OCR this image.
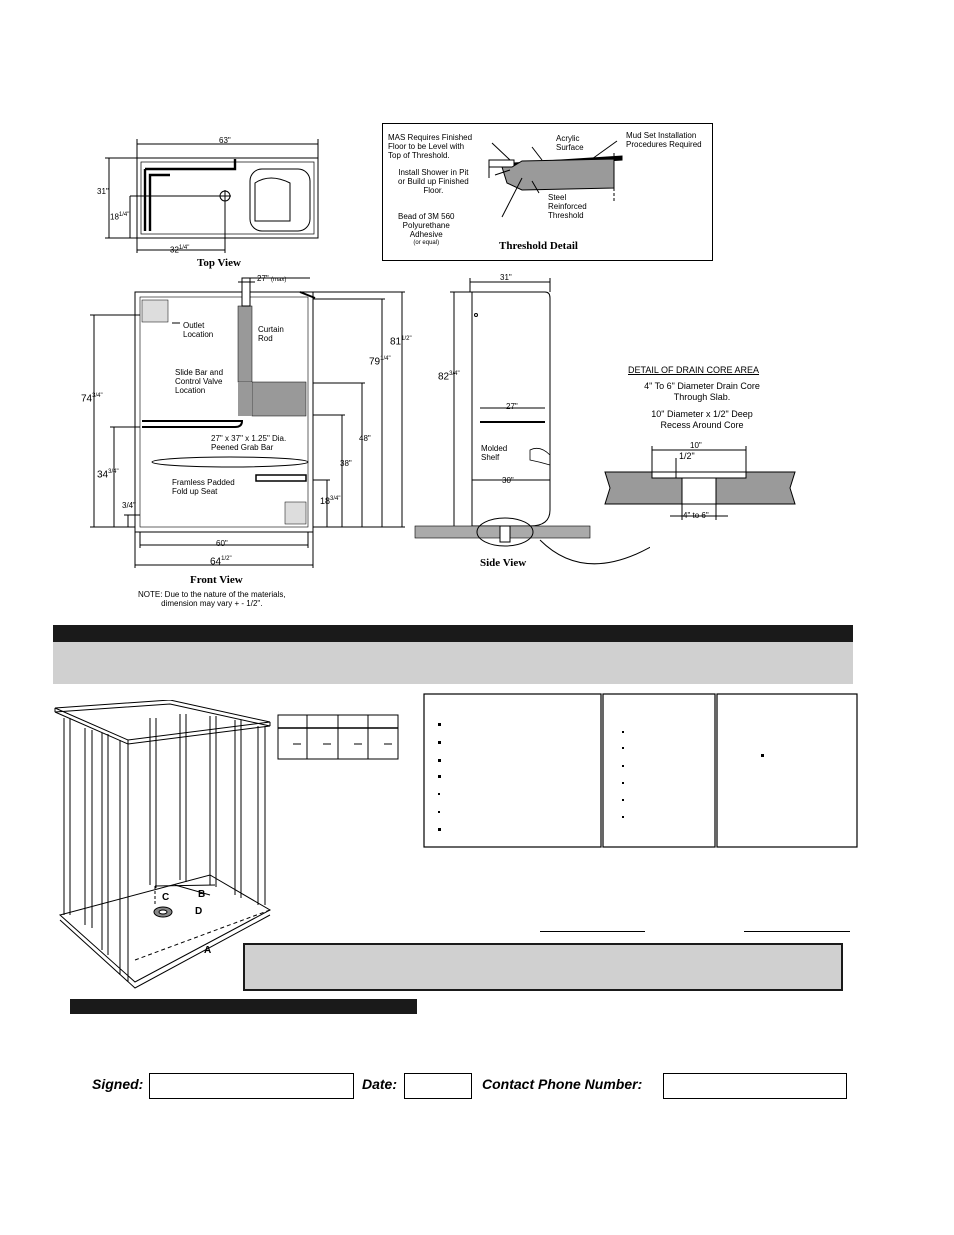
63"
31"
$18^{1/4"}$
$32^{1/4"}$
Top View
MAS Requires Finished
Floor to be Level with
Top of Threshold.
Acrylic
Surface
Mud Set Installation
Procedures Required
Install Shower in Pit
or Build up Finished
Floor.
Steel
Reinforced
Threshold
Bead of 3M 560
Polyurethane
Adhesive
(or equal)	Threshold Detail
27" (max)
Outlet
Location
Curtain
Rod
Slide Bar and
Control Valve
Location
27" x 37" x 1.25" Dia.
Peened Grab Bar
Framless Padded
Fold up Seat
$74^{3/4"}$
$34^{3/4"}$
3/4"
$81^{1/2"}$
$79^{1/4"}$
48"
38"
$18^{3/4"}$
60"
$64^{1/2"}$
Front View
NOTE: Due to the nature of the materials,
dimension may vary + - 1/2".
31"
$82^{3/4"}$
27"
Molded
Shelf
30"
Side View
DETAIL OF DRAIN CORE AREA
4" To 6" Diameter Drain Core
Through Slab.
10" Diameter x 1/2" Deep
Recess Around Core
10"
1/2"
4" to 6"
B
C
D
A
Signed:	Date:	Contact Phone Number:
